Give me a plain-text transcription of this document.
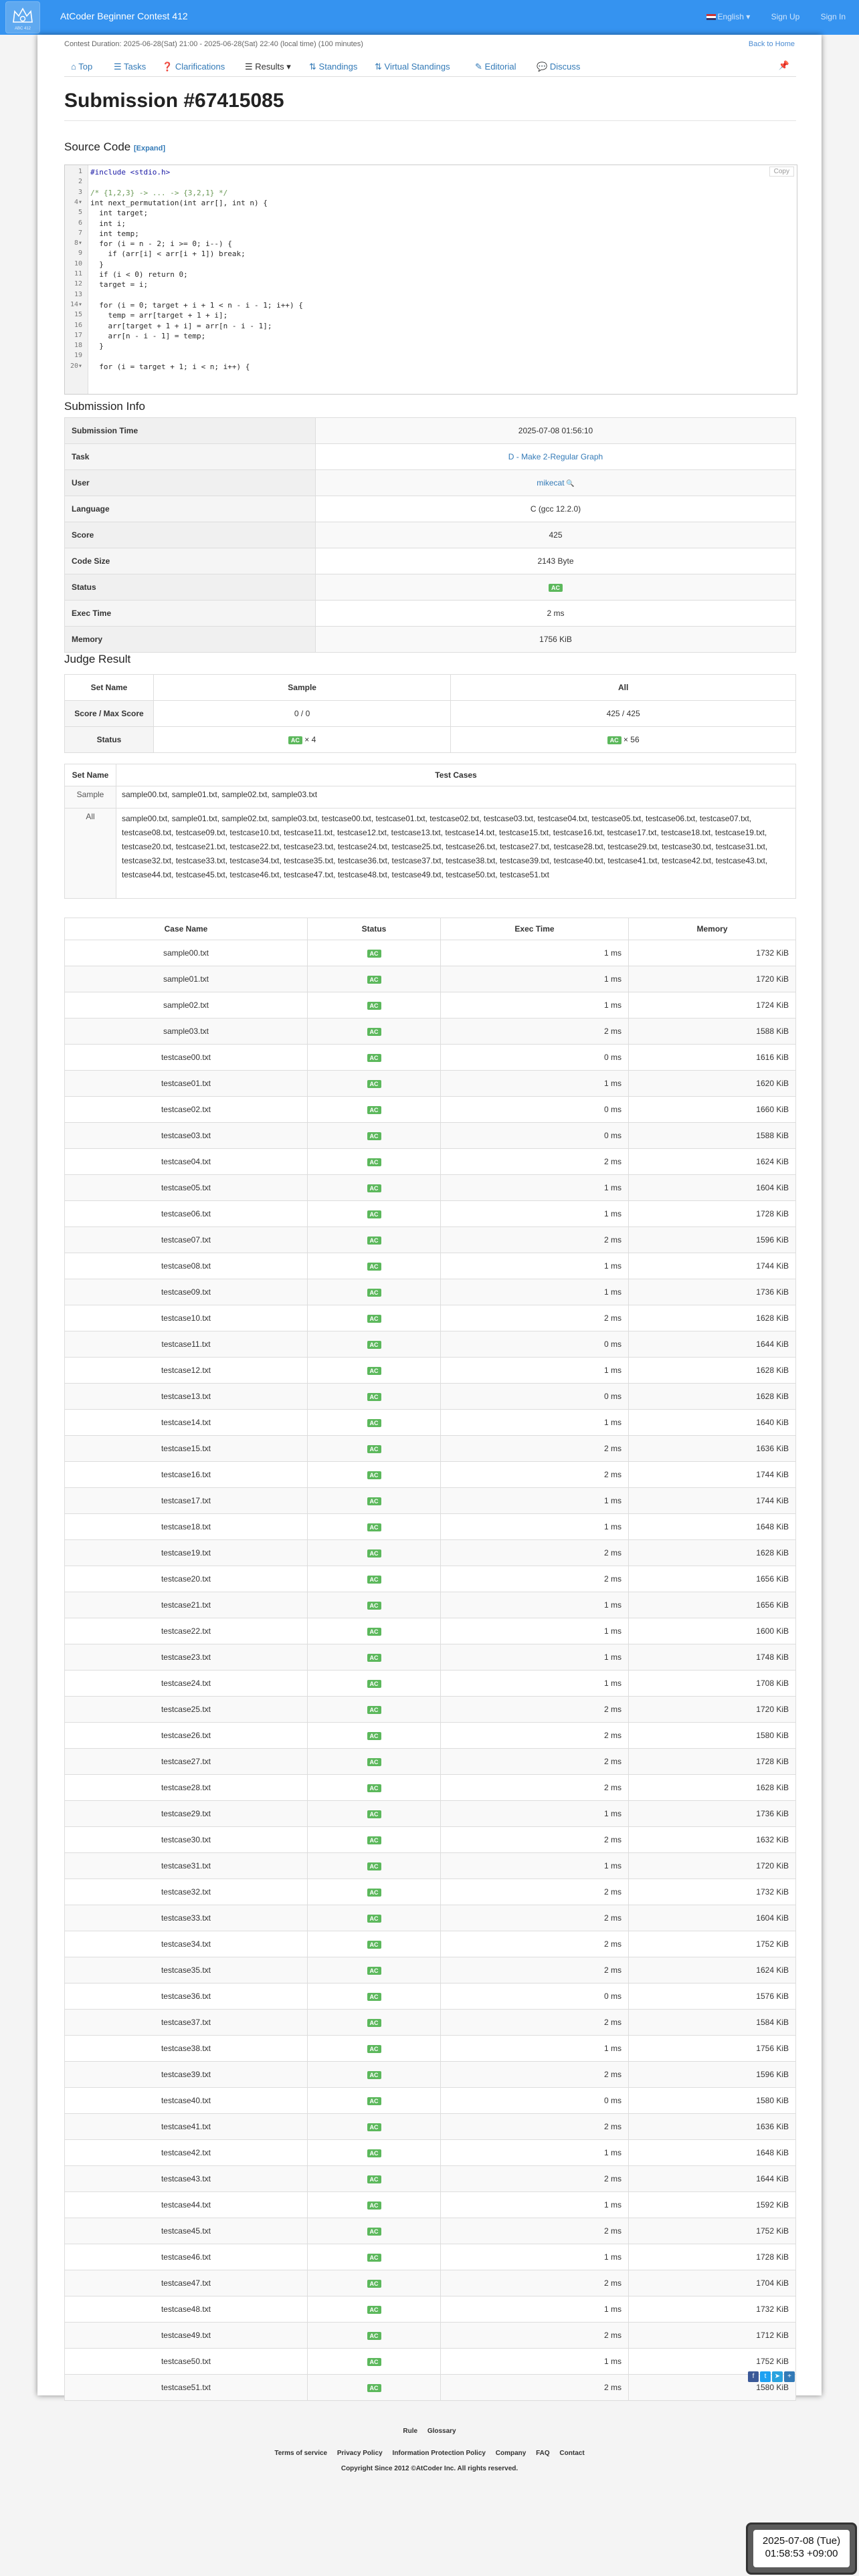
ABC 412
AtCoder Beginner Contest 412	English ▾	Sign Up	Sign In
Contest Duration: 2025-06-28(Sat) 21:00 - 2025-06-28(Sat) 22:40 (local time) (100 minutes)	Back to Home
⌂ Top ☰ Tasks ❓ Clarifications ☰ Results ▾ ⇅ Standings ⇅ Virtual Standings	✎ Editorial 💬 Discuss	📌
Submission #67415085
Source Code [Expand]
1
2
3
4▾
5
6
7
8▾
9
10
11
12
13
14▾
15
16
17
18
19
20▾
#include <stdio.h>
/* {1,2,3} -> ... -> {3,2,1} */
int next_permutation(int arr[], int n) {
int target;
int i;
int temp;
for (i = n - 2; i >= 0; i--) {
if (arr[i] < arr[i + 1]) break;
}
if (i < 0) return 0;
target = i;
for (i = 0; target + i + 1 < n - i - 1; i++) {
temp = arr[target + 1 + i];
arr[target + 1 + i] = arr[n - i - 1];
arr[n - i - 1] = temp;
}
for (i = target + 1; i < n; i++) {
Copy
Submission Info
Submission Time	2025-07-08 01:56:10
Task	D - Make 2-Regular Graph
User	mikecat 🔍
Language	C (gcc 12.2.0)
Score	425
Code Size	2143 Byte
Status	AC
Exec Time	2 ms
Memory	1756 KiB
Judge Result
Set Name	Sample	All
Score / Max Score	0 / 0	425 / 425
Status	AC × 4	AC × 56
Set Name	Test Cases
Sample	sample00.txt, sample01.txt, sample02.txt, sample03.txt
All	sample00.txt, sample01.txt, sample02.txt, sample03.txt, testcase00.txt, testcase01.txt, testcase02.txt, testcase03.txt, testcase04.txt, testcase05.txt, testcase06.txt, testcase07.txt, testcase08.txt, testcase09.txt, testcase10.txt, testcase11.txt, testcase12.txt, testcase13.txt, testcase14.txt, testcase15.txt, testcase16.txt, testcase17.txt, testcase18.txt, testcase19.txt, testcase20.txt, testcase21.txt, testcase22.txt, testcase23.txt, testcase24.txt, testcase25.txt, testcase26.txt, testcase27.txt, testcase28.txt, testcase29.txt, testcase30.txt, testcase31.txt, testcase32.txt, testcase33.txt, testcase34.txt, testcase35.txt, testcase36.txt, testcase37.txt, testcase38.txt, testcase39.txt, testcase40.txt, testcase41.txt, testcase42.txt, testcase43.txt, testcase44.txt, testcase45.txt, testcase46.txt, testcase47.txt, testcase48.txt, testcase49.txt, testcase50.txt, testcase51.txt
Case Name	Status	Exec Time	Memory
sample00.txt	AC	1 ms	1732 KiB
sample01.txt	AC	1 ms	1720 KiB
sample02.txt	AC	1 ms	1724 KiB
sample03.txt	AC	2 ms	1588 KiB
testcase00.txt	AC	0 ms	1616 KiB
testcase01.txt	AC	1 ms	1620 KiB
testcase02.txt	AC	0 ms	1660 KiB
testcase03.txt	AC	0 ms	1588 KiB
testcase04.txt	AC	2 ms	1624 KiB
testcase05.txt	AC	1 ms	1604 KiB
testcase06.txt	AC	1 ms	1728 KiB
testcase07.txt	AC	2 ms	1596 KiB
testcase08.txt	AC	1 ms	1744 KiB
testcase09.txt	AC	1 ms	1736 KiB
testcase10.txt	AC	2 ms	1628 KiB
testcase11.txt	AC	0 ms	1644 KiB
testcase12.txt	AC	1 ms	1628 KiB
testcase13.txt	AC	0 ms	1628 KiB
testcase14.txt	AC	1 ms	1640 KiB
testcase15.txt	AC	2 ms	1636 KiB
testcase16.txt	AC	2 ms	1744 KiB
testcase17.txt	AC	1 ms	1744 KiB
testcase18.txt	AC	1 ms	1648 KiB
testcase19.txt	AC	2 ms	1628 KiB
testcase20.txt	AC	2 ms	1656 KiB
testcase21.txt	AC	1 ms	1656 KiB
testcase22.txt	AC	1 ms	1600 KiB
testcase23.txt	AC	1 ms	1748 KiB
testcase24.txt	AC	1 ms	1708 KiB
testcase25.txt	AC	2 ms	1720 KiB
testcase26.txt	AC	2 ms	1580 KiB
testcase27.txt	AC	2 ms	1728 KiB
testcase28.txt	AC	2 ms	1628 KiB
testcase29.txt	AC	1 ms	1736 KiB
testcase30.txt	AC	2 ms	1632 KiB
testcase31.txt	AC	1 ms	1720 KiB
testcase32.txt	AC	2 ms	1732 KiB
testcase33.txt	AC	2 ms	1604 KiB
testcase34.txt	AC	2 ms	1752 KiB
testcase35.txt	AC	2 ms	1624 KiB
testcase36.txt	AC	0 ms	1576 KiB
testcase37.txt	AC	2 ms	1584 KiB
testcase38.txt	AC	1 ms	1756 KiB
testcase39.txt	AC	2 ms	1596 KiB
testcase40.txt	AC	0 ms	1580 KiB
testcase41.txt	AC	2 ms	1636 KiB
testcase42.txt	AC	1 ms	1648 KiB
testcase43.txt	AC	2 ms	1644 KiB
testcase44.txt	AC	1 ms	1592 KiB
testcase45.txt	AC	2 ms	1752 KiB
testcase46.txt	AC	1 ms	1728 KiB
testcase47.txt	AC	2 ms	1704 KiB
testcase48.txt	AC	1 ms	1732 KiB
testcase49.txt	AC	2 ms	1712 KiB
testcase50.txt	AC	1 ms	1752 KiB
testcase51.txt	AC	2 ms	1580 KiB
f t ➤ +
Rule Glossary
Terms of service Privacy Policy Information Protection Policy Company FAQ Contact
Copyright Since 2012 ©AtCoder Inc. All rights reserved.
2025-07-08 (Tue)
01:58:53 +09:00
